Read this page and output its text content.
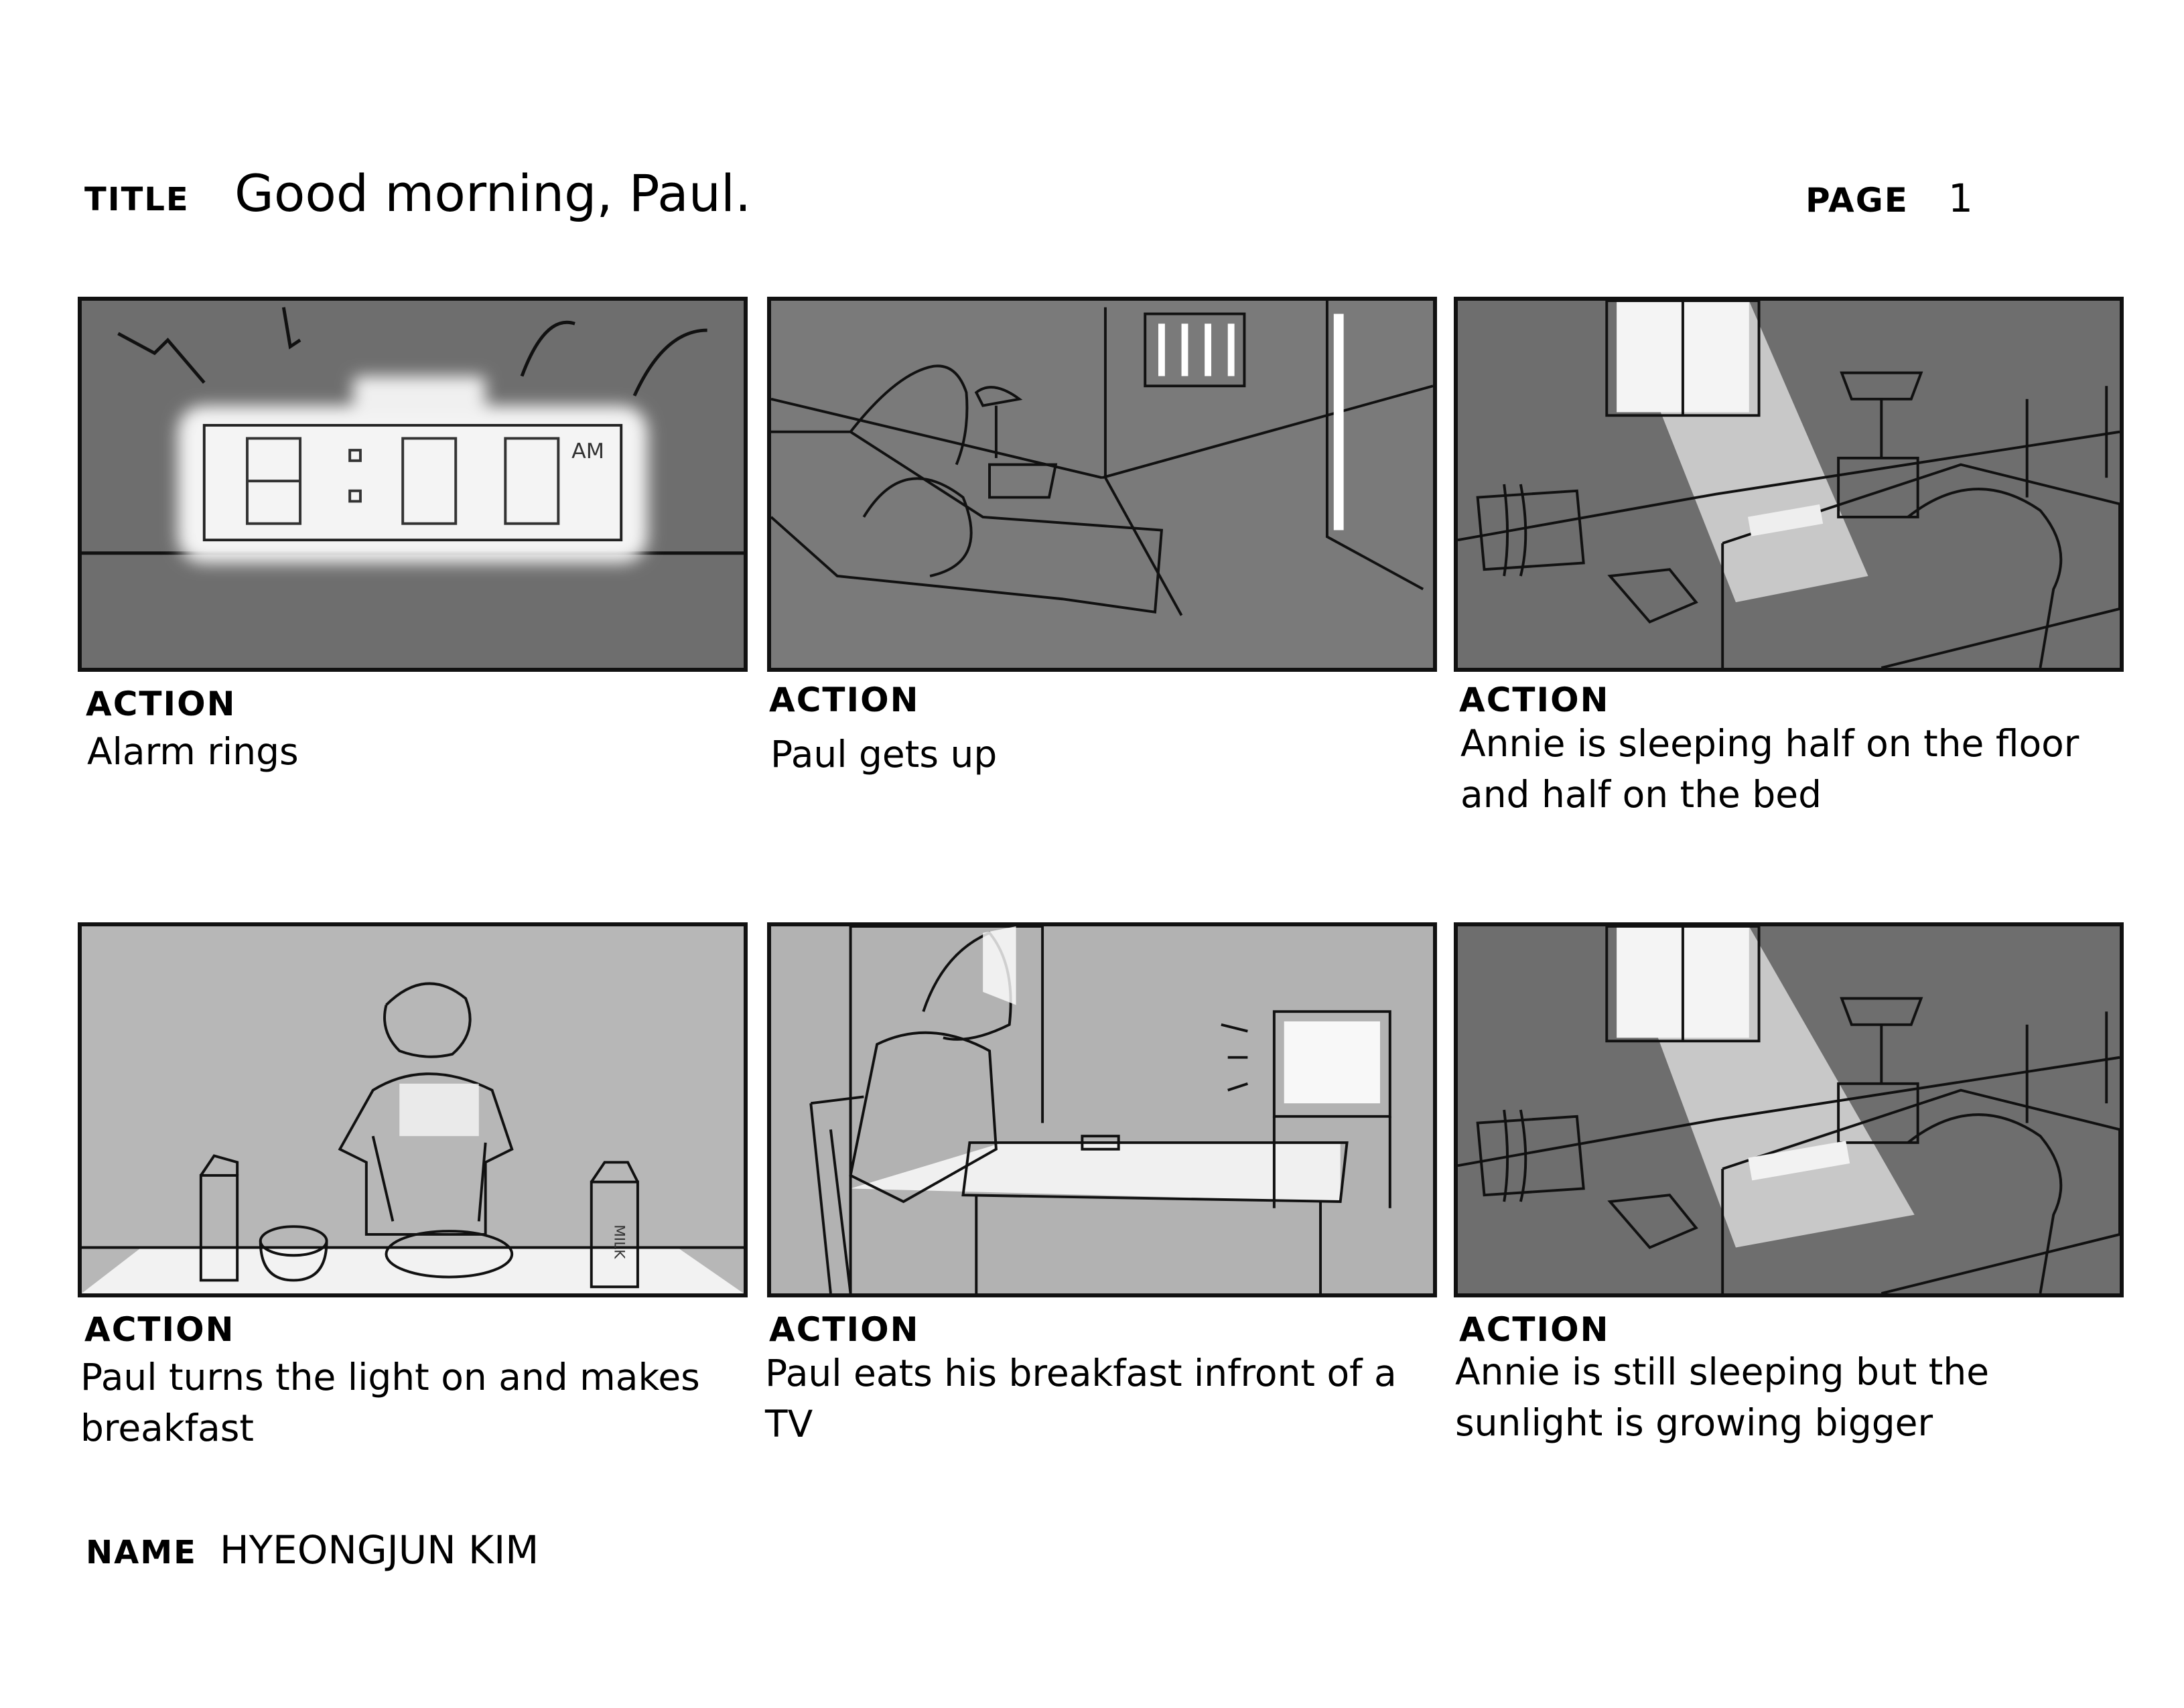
TITLE Good morning, Paul.	PAGE 1
AM
ACTION
Alarm rings
ACTION
Paul gets up
ACTION
Annie is sleeping half on the floor and half on the bed
MILK
ACTION
Paul turns the light on and makes breakfast
ACTION
Paul eats his breakfast infront of a TV
ACTION
Annie is still sleeping but the sunlight is growing bigger
NAME HYEONGJUN KIM
